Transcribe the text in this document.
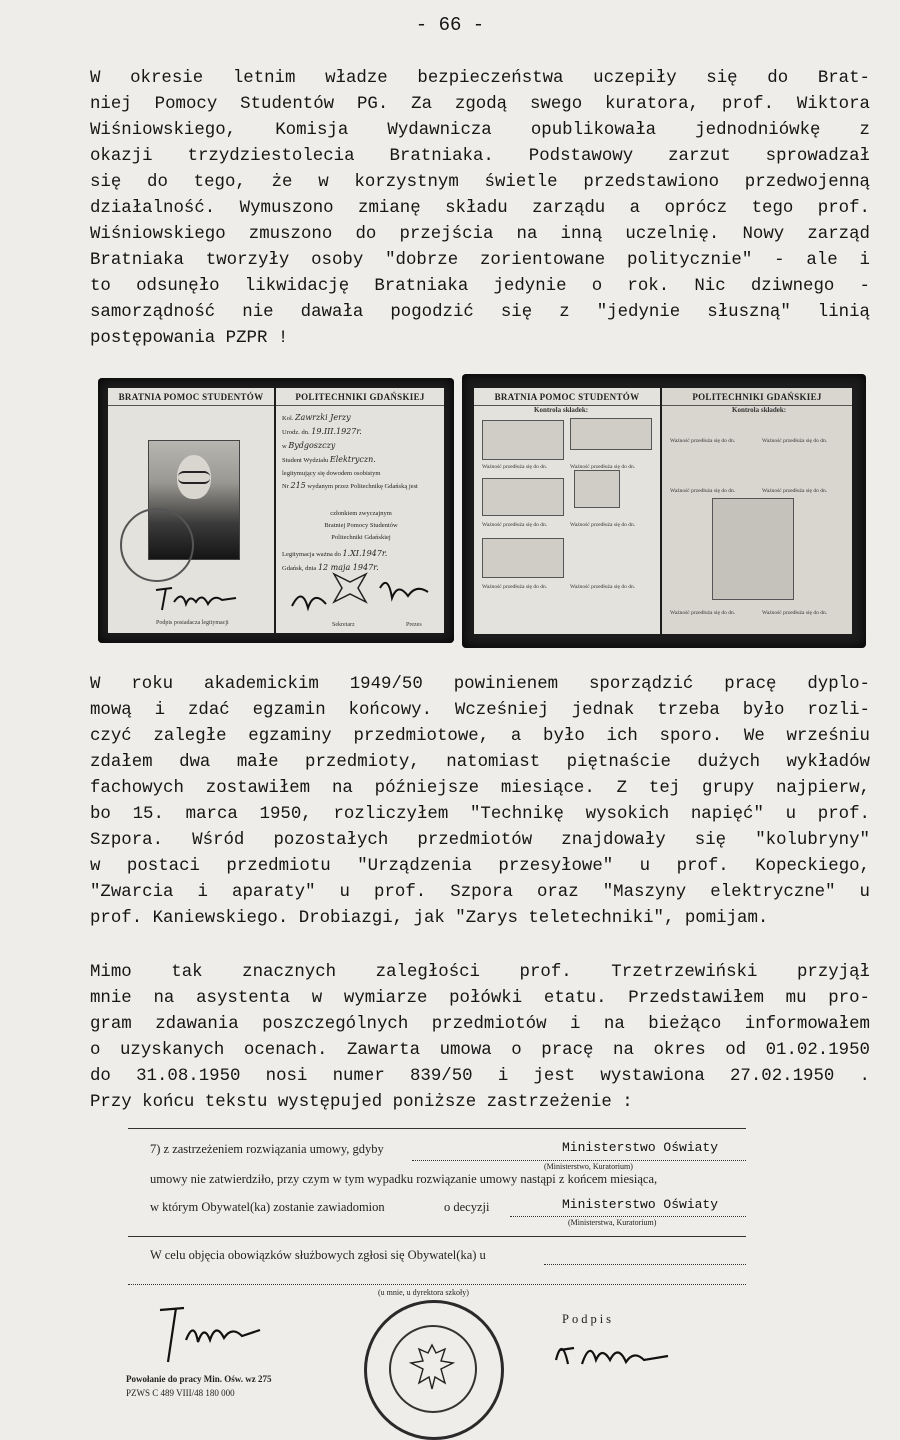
- 66 -
W okresie letnim władze bezpieczeństwa uczepiły się do Brat-
niej Pomocy Studentów PG. Za zgodą swego kuratora, prof. Wiktora
Wiśniowskiego, Komisja Wydawnicza opublikowała jednodniówkę z
okazji trzydziestolecia Bratniaka. Podstawowy zarzut sprowadzał
się do tego, że w korzystnym świetle przedstawiono przedwojenną
działalność. Wymuszono zmianę składu zarządu a oprócz tego prof.
Wiśniowskiego zmuszono do przejścia na inną uczelnię. Nowy zarząd
Bratniaka tworzyły osoby "dobrze zorientowane politycznie" - ale i
to odsunęło likwidację Bratniaka jedynie o rok. Nic dziwnego -
samorządność nie dawała pogodzić się z "jedynie słuszną" linią
postępowania PZPR !
BRATNIA POMOC STUDENTÓW
Podpis posiadacza legitymacji
POLITECHNIKI GDAŃSKIEJ
Kol. Zawrzki Jerzy
Urodz. dn. 19.III.1927r.
w Bydgoszczy
Student Wydziału Elektryczn.
legitymujący się dowodem osobistym
Nr 215 wydanym przez Politechnikę Gdańską jest
członkiem zwyczajnym
Bratniej Pomocy Studentów
Politechniki Gdańskiej
Legitymacja ważna do 1.XI.1947r.
Gdańsk, dnia 12 maja 1947r.
Sekretarz	Prezes
BRATNIA POMOC STUDENTÓW
Kontrola składek:
Ważność przedłuża się do dn.	Ważność przedłuża się do dn.
Ważność przedłuża się do dn.	Ważność przedłuża się do dn.
Ważność przedłuża się do dn.	Ważność przedłuża się do dn.
POLITECHNIKI GDAŃSKIEJ
Kontrola składek:
Ważność przedłuża się do dn.	Ważność przedłuża się do dn.
Ważność przedłuża się do dn.	Ważność przedłuża się do dn.
Ważność przedłuża się do dn.	Ważność przedłuża się do dn.
W roku akademickim 1949/50 powinienem sporządzić pracę dyplo-
mową i zdać egzamin końcowy. Wcześniej jednak trzeba było rozli-
czyć zaległe egzaminy przedmiotowe, a było ich sporo. We wrześniu
zdałem dwa małe przedmioty, natomiast piętnaście dużych wykładów
fachowych zostawiłem na późniejsze miesiące. Z tej grupy najpierw,
bo 15. marca 1950, rozliczyłem "Technikę wysokich napięć" u prof.
Szpora. Wśród pozostałych przedmiotów znajdowały się "kolubryny"
w postaci przedmiotu "Urządzenia przesyłowe" u prof. Kopeckiego,
"Zwarcia i aparaty" u prof. Szpora oraz "Maszyny elektryczne" u
prof. Kaniewskiego. Drobiazgi, jak "Zarys teletechniki", pomijam.
Mimo tak znacznych zaległości prof. Trzetrzewiński przyjął
mnie na asystenta w wymiarze połówki etatu. Przedstawiłem mu pro-
gram zdawania poszczególnych przedmiotów i na bieżąco informowałem
o uzyskanych ocenach. Zawarta umowa o pracę na okres od 01.02.1950
do 31.08.1950 nosi numer 839/50 i jest wystawiona 27.02.1950 .
Przy końcu tekstu występujed poniższe zastrzeżenie :
7) z zastrzeżeniem rozwiązania umowy, gdyby	Ministerstwo Oświaty
(Ministerstwo, Kuratorium)
umowy nie zatwierdziło, przy czym w tym wypadku rozwiązanie umowy nastąpi z końcem miesiąca,
w którym Obywatel(ka) zostanie zawiadomion	o decyzji	Ministerstwo Oświaty
(Ministerstwa, Kuratorium)
W celu objęcia obowiązków służbowych zgłosi się Obywatel(ka) u
(u mnie, u dyrektora szkoły)
Podpis
Powołanie do pracy Min. Ośw. wz 275
PZWS C 489 VIII/48 180 000
